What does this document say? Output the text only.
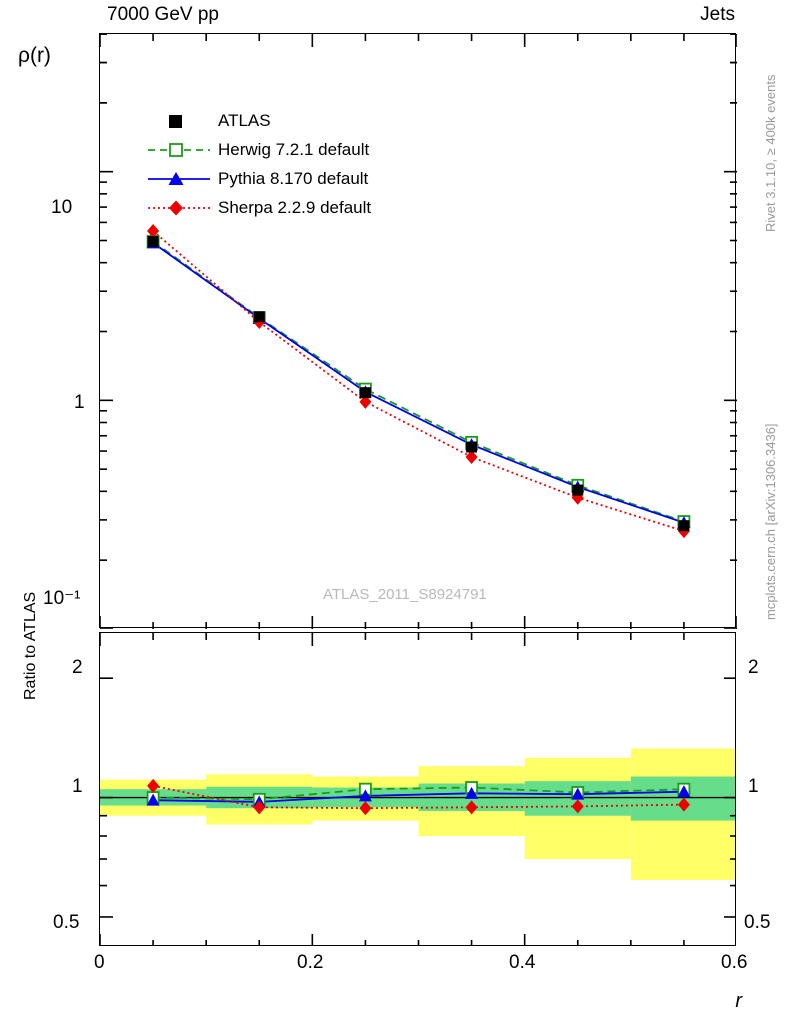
7000 GeV pp	Jets
Rivet 3.1.10, ≥ 400k events
mcplots.cern.ch [arXiv:1306.3436]
ρ(r)
Ratio to ATLAS
r
ATLAS_2011_S8924791
10
1
10⁻¹
2
1
0.5
2
1
0.5
0	0.2	0.4	0.6
ATLAS
Herwig 7.2.1 default
Pythia 8.170 default
Sherpa 2.2.9 default
